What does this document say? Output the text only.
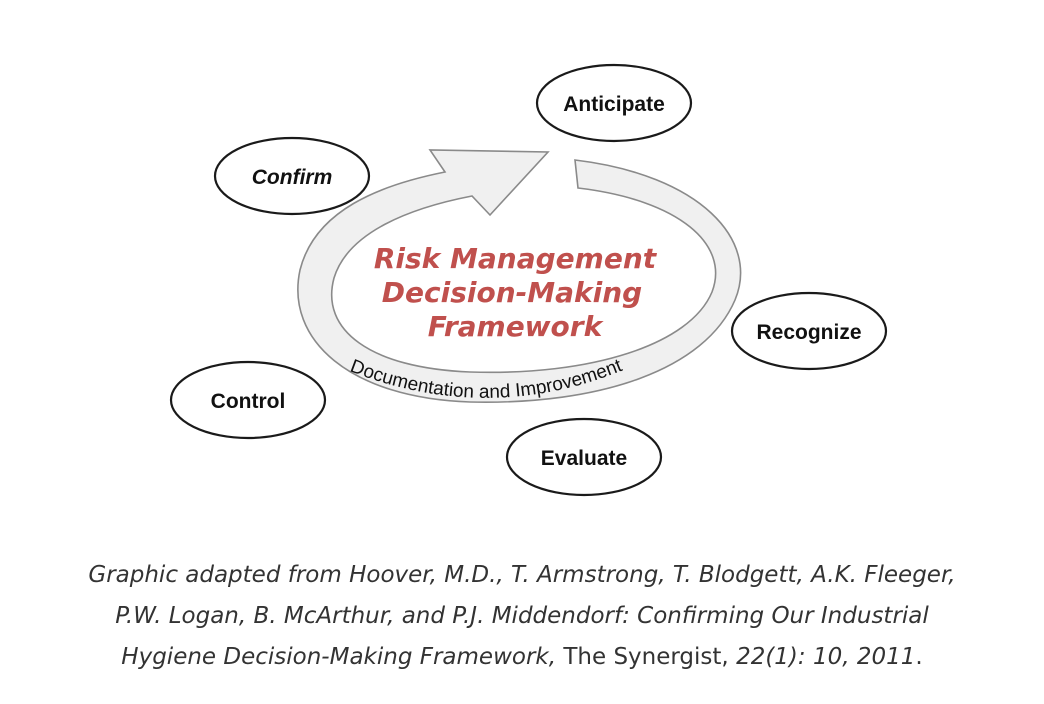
Documentation and Improvement
Risk Management
Decision-Making
Framework
Anticipate
Confirm
Recognize
Control
Evaluate
Graphic adapted from Hoover, M.D., T. Armstrong, T. Blodgett, A.K. Fleeger,
P.W. Logan, B. McArthur, and P.J. Middendorf: Confirming Our Industrial
Hygiene Decision-Making Framework, The Synergist, 22(1): 10, 2011.
